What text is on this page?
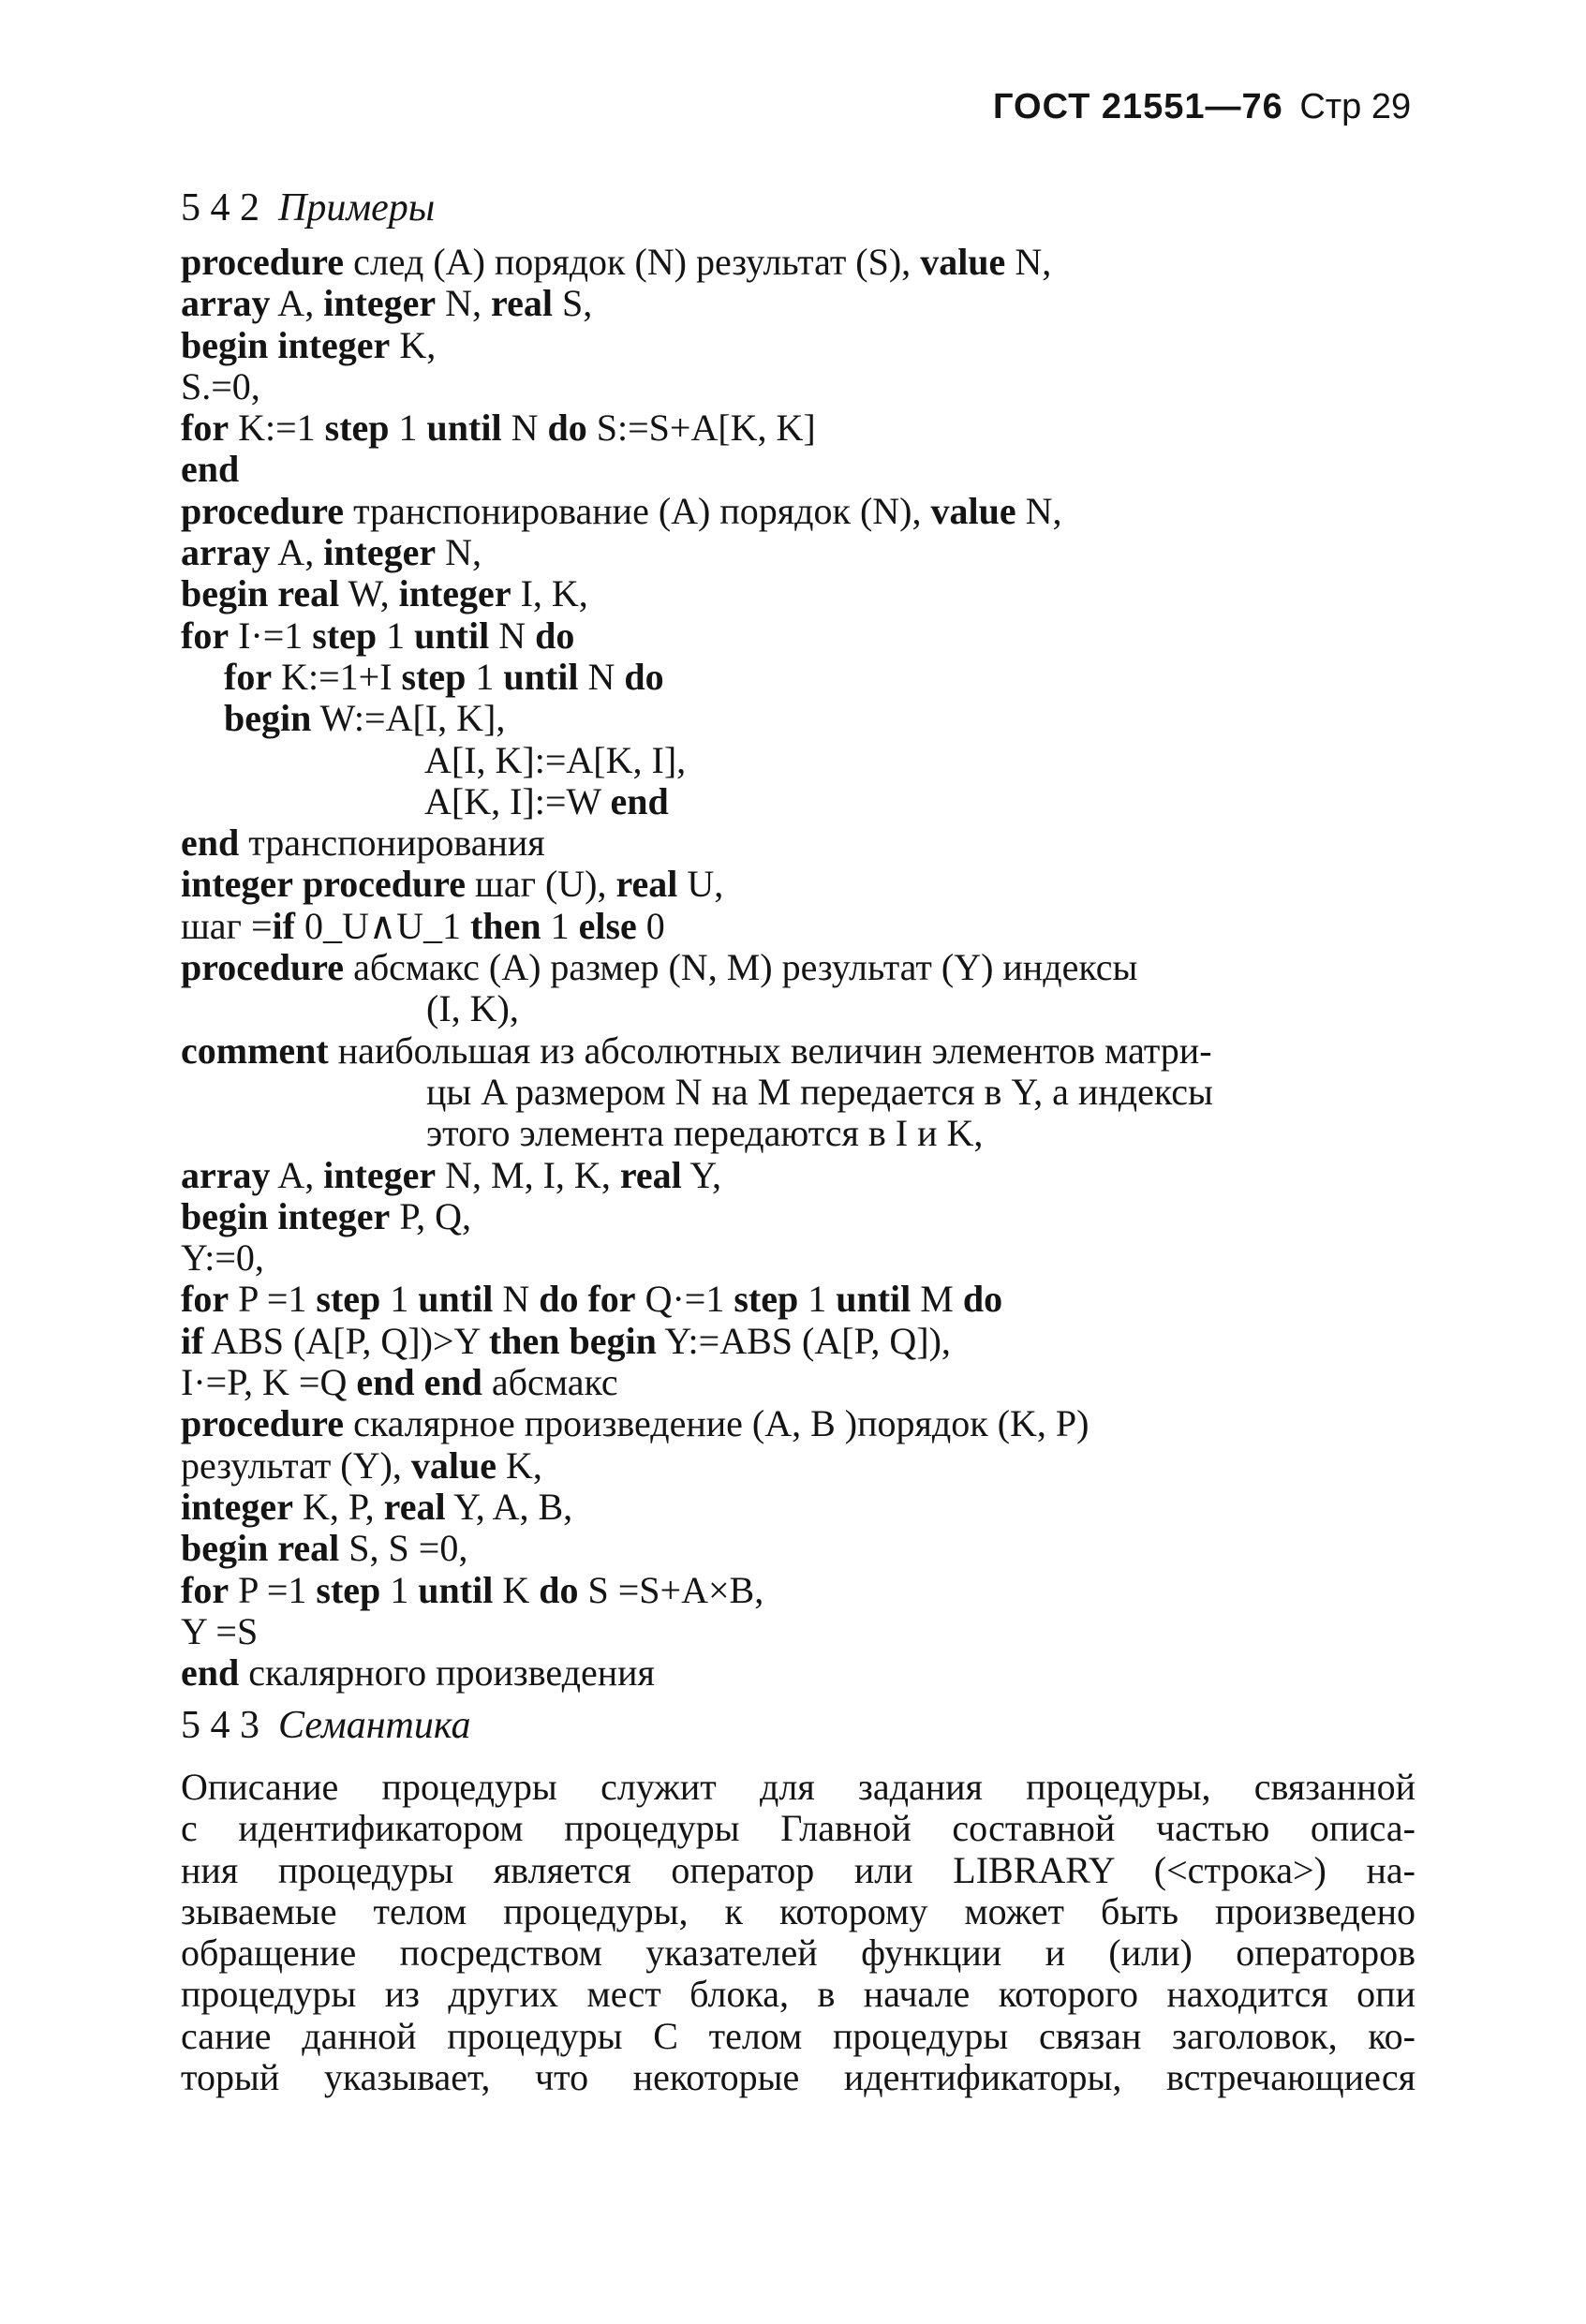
ГОСТ 21551—76 Стр 29
5 4 2 Примеры
procedure след (A) порядок (N) результат (S), value N,
array A, integer N, real S,
begin integer K,
S.=0,
for K:=1 step 1 until N do S:=S+A[K, K]
end
procedure транспонирование (A) порядок (N), value N,
array A, integer N,
begin real W, integer I, K,
for I·=1 step 1 until N do
for K:=1+I step 1 until N do
begin W:=A[I, K],
A[I, K]:=A[K, I],
A[K, I]:=W end
end транспонирования
integer procedure шаг (U), real U,
шаг =if 0_U∧U_1 then 1 else 0
procedure абсмакс (A) размер (N, M) результат (Y) индексы
(I, K),
comment наибольшая из абсолютных величин элементов матри-
цы A размером N на M передается в Y, а индексы
этого элемента передаются в I и K,
array A, integer N, M, I, K, real Y,
begin integer P, Q,
Y:=0,
for P =1 step 1 until N do for Q·=1 step 1 until M do
if ABS (A[P, Q])>Y then begin Y:=ABS (A[P, Q]),
I·=P, K =Q end end абсмакс
procedure скалярное произведение (A, B )порядок (K, P)
результат (Y), value K,
integer K, P, real Y, A, B,
begin real S, S =0,
for P =1 step 1 until K do S =S+A×B,
Y =S
end скалярного произведения
5 4 3 Семантика
Описание процедуры служит для задания процедуры, связанной
с идентификатором процедуры Главной составной частью описа-
ния процедуры является оператор или LIBRARY (<строка>) на-
зываемые телом процедуры, к которому может быть произведено
обращение посредством указателей функции и (или) операторов
процедуры из других мест блока, в начале которого находится опи
сание данной процедуры С телом процедуры связан заголовок, ко-
торый указывает, что некоторые идентификаторы, встречающиеся
